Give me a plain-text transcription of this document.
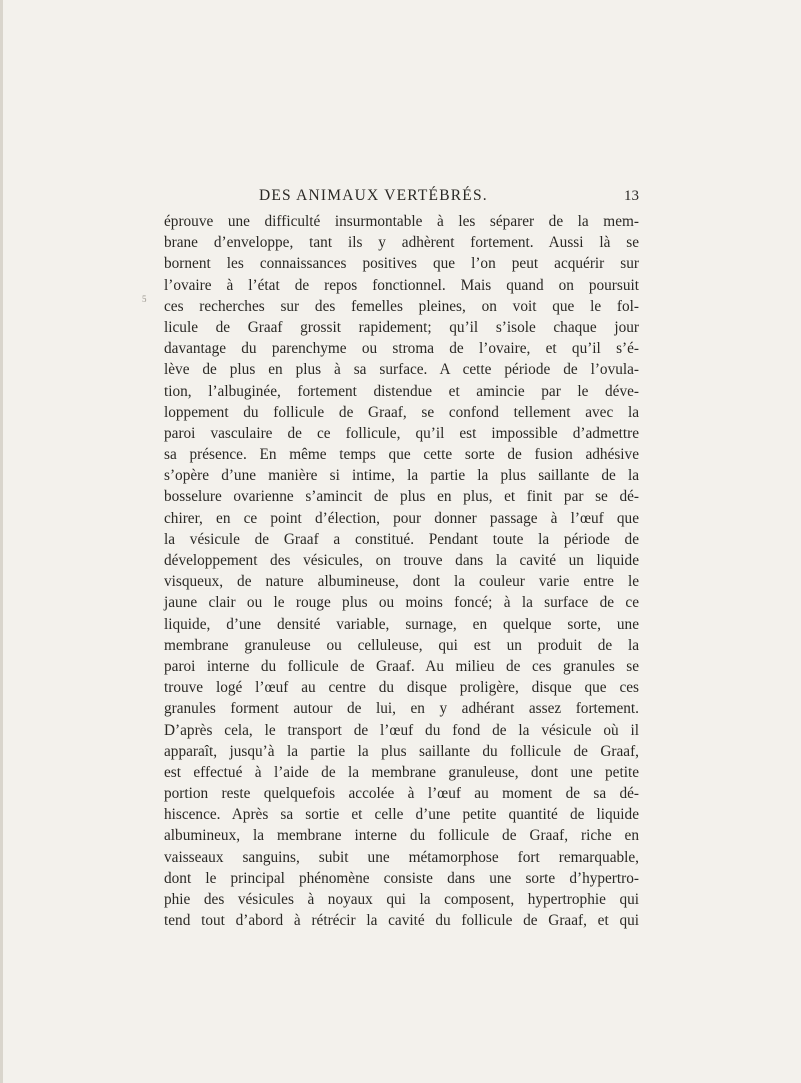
DES ANIMAUX VERTÉBRÉS.	13
5
éprouve une difficulté insurmontable à les séparer de la mem-
brane d’enveloppe, tant ils y adhèrent fortement. Aussi là se
bornent les connaissances positives que l’on peut acquérir sur
l’ovaire à l’état de repos fonctionnel. Mais quand on poursuit
ces recherches sur des femelles pleines, on voit que le fol-
licule de Graaf grossit rapidement; qu’il s’isole chaque jour
davantage du parenchyme ou stroma de l’ovaire, et qu’il s’é-
lève de plus en plus à sa surface. A cette période de l’ovula-
tion, l’albuginée, fortement distendue et amincie par le déve-
loppement du follicule de Graaf, se confond tellement avec la
paroi vasculaire de ce follicule, qu’il est impossible d’admettre
sa présence. En même temps que cette sorte de fusion adhésive
s’opère d’une manière si intime, la partie la plus saillante de la
bosselure ovarienne s’amincit de plus en plus, et finit par se dé-
chirer, en ce point d’élection, pour donner passage à l’œuf que
la vésicule de Graaf a constitué. Pendant toute la période de
développement des vésicules, on trouve dans la cavité un liquide
visqueux, de nature albumineuse, dont la couleur varie entre le
jaune clair ou le rouge plus ou moins foncé; à la surface de ce
liquide, d’une densité variable, surnage, en quelque sorte, une
membrane granuleuse ou celluleuse, qui est un produit de la
paroi interne du follicule de Graaf. Au milieu de ces granules se
trouve logé l’œuf au centre du disque proligère, disque que ces
granules forment autour de lui, en y adhérant assez fortement.
D’après cela, le transport de l’œuf du fond de la vésicule où il
apparaît, jusqu’à la partie la plus saillante du follicule de Graaf,
est effectué à l’aide de la membrane granuleuse, dont une petite
portion reste quelquefois accolée à l’œuf au moment de sa dé-
hiscence. Après sa sortie et celle d’une petite quantité de liquide
albumineux, la membrane interne du follicule de Graaf, riche en
vaisseaux sanguins, subit une métamorphose fort remarquable,
dont le principal phénomène consiste dans une sorte d’hypertro-
phie des vésicules à noyaux qui la composent, hypertrophie qui
tend tout d’abord à rétrécir la cavité du follicule de Graaf, et qui
